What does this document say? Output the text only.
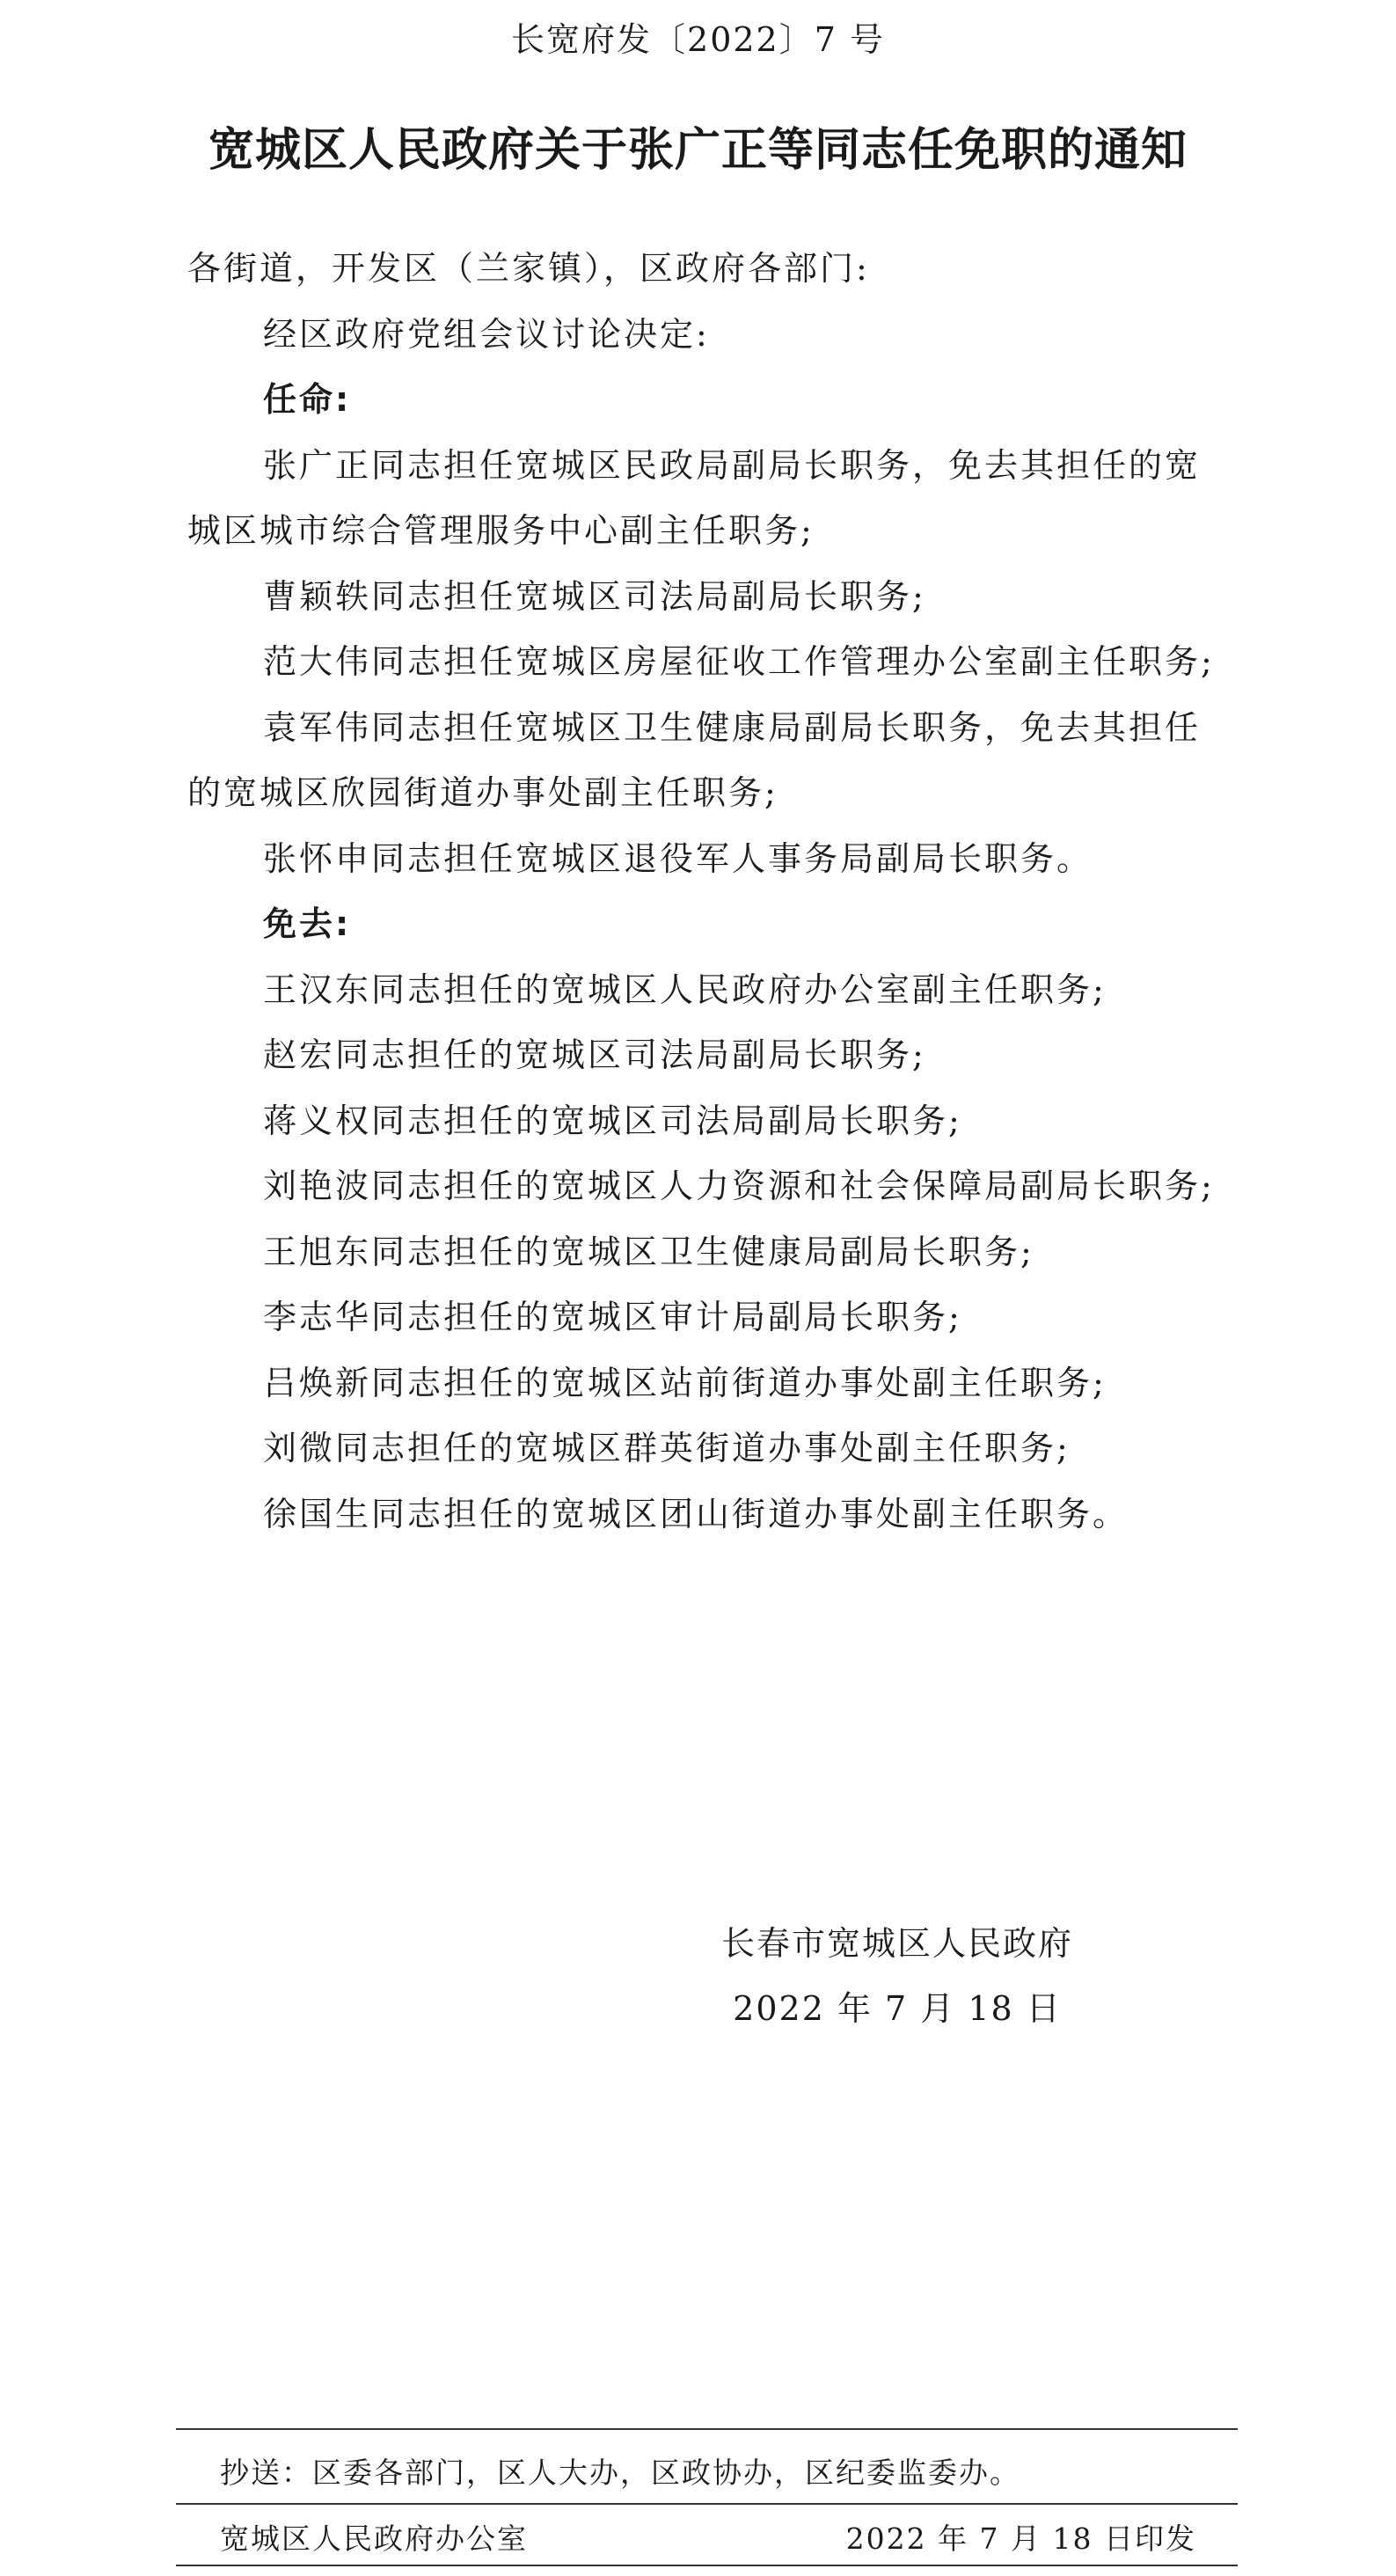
长宽府发〔2022〕7 号
宽城区人民政府关于张广正等同志任免职的通知

各街道，开发区（兰家镇），区政府各部门:

经区政府党组会议讨论决定:

任命:

张广正同志担任宽城区民政局副局长职务，免去其担任的宽城区城市综合管理服务中心副主任职务;

曹颖轶同志担任宽城区司法局副局长职务;

范大伟同志担任宽城区房屋征收工作管理办公室副主任职务;

袁军伟同志担任宽城区卫生健康局副局长职务，免去其担任的宽城区欣园街道办事处副主任职务;

张怀申同志担任宽城区退役军人事务局副局长职务。

免去:

王汉东同志担任的宽城区人民政府办公室副主任职务;

赵宏同志担任的宽城区司法局副局长职务;

蒋义权同志担任的宽城区司法局副局长职务;

刘艳波同志担任的宽城区人力资源和社会保障局副局长职务;

王旭东同志担任的宽城区卫生健康局副局长职务;

李志华同志担任的宽城区审计局副局长职务;

吕焕新同志担任的宽城区站前街道办事处副主任职务;

刘微同志担任的宽城区群英街道办事处副主任职务;

徐国生同志担任的宽城区团山街道办事处副主任职务。

长春市宽城区人民政府
2022 年 7 月 18 日
抄送：区委各部门，区人大办，区政协办，区纪委监委办。
宽城区人民政府办公室	2022 年 7 月 18 日印发
